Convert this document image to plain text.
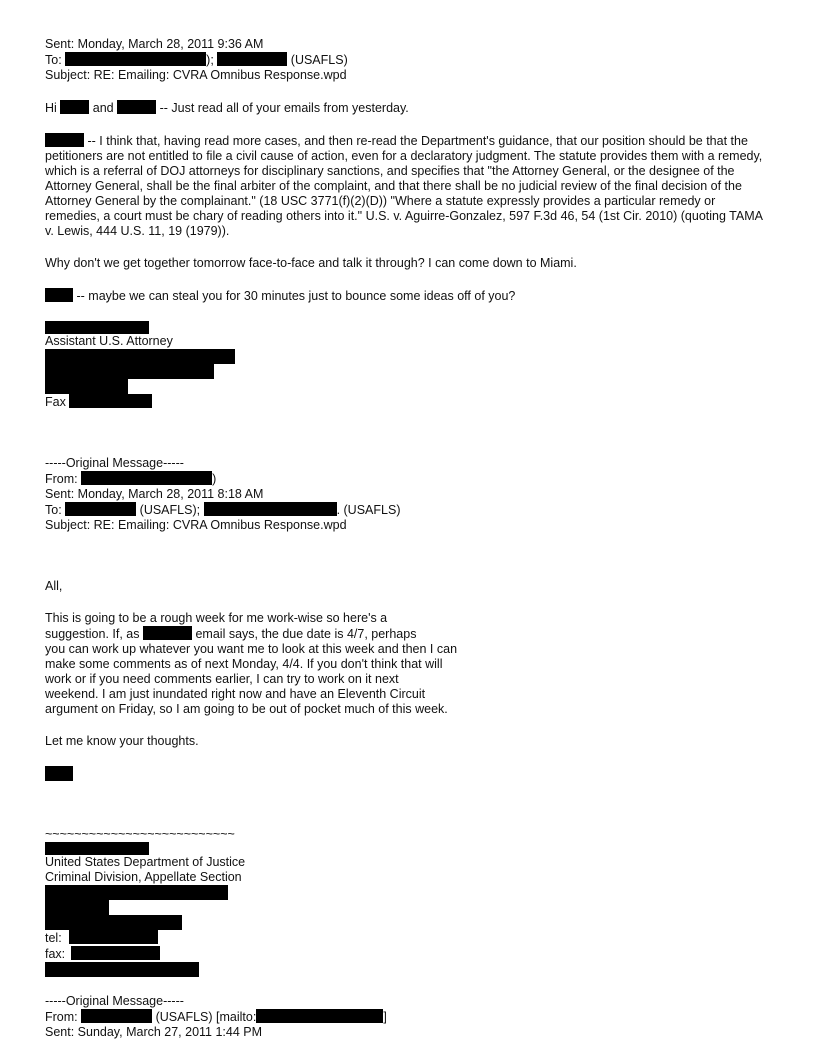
Sent: Monday, March 28, 2011 9:36 AM
To:	);	(USAFLS)
Subject: RE: Emailing: CVRA Omnibus Response.wpd
Hi	and	-- Just read all of your emails from yesterday.
-- I think that, having read more cases, and then re-read the Department's guidance, that our position should be that the petitioners are not entitled to file a civil cause of action, even for a declaratory judgment. The statute provides them with a remedy, which is a referral of DOJ attorneys for disciplinary sanctions, and specifies that "the Attorney General, or the designee of the Attorney General, shall be the final arbiter of the complaint, and that there shall be no judicial review of the final decision of the Attorney General by the complainant." (18 USC 3771(f)(2)(D)) "Where a statute expressly provides a particular remedy or remedies, a court must be chary of reading others into it." U.S. v. Aguirre-Gonzalez, 597 F.3d 46, 54 (1st Cir. 2010) (quoting TAMA v. Lewis, 444 U.S. 11, 19 (1979)).
Why don't we get together tomorrow face-to-face and talk it through? I can come down to Miami.
-- maybe we can steal you for 30 minutes just to bounce some ideas off of you?
Assistant U.S. Attorney
Fax
-----Original Message-----
From:	)
Sent: Monday, March 28, 2011 8:18 AM
To:	(USAFLS);	. (USAFLS)
Subject: RE: Emailing: CVRA Omnibus Response.wpd
All,
This is going to be a rough week for me work-wise so here's a
suggestion. If, as	email says, the due date is 4/7, perhaps
you can work up whatever you want me to look at this week and then I can
make some comments as of next Monday, 4/4. If you don't think that will
work or if you need comments earlier, I can try to work on it next
weekend. I am just inundated right now and have an Eleventh Circuit
argument on Friday, so I am going to be out of pocket much of this week.
Let me know your thoughts.
~~~~~~~~~~~~~~~~~~~~~~~~~~
United States Department of Justice
Criminal Division, Appellate Section
tel:
fax:
-----Original Message-----
From:	(USAFLS) [mailto:	]
Sent: Sunday, March 27, 2011 1:44 PM
